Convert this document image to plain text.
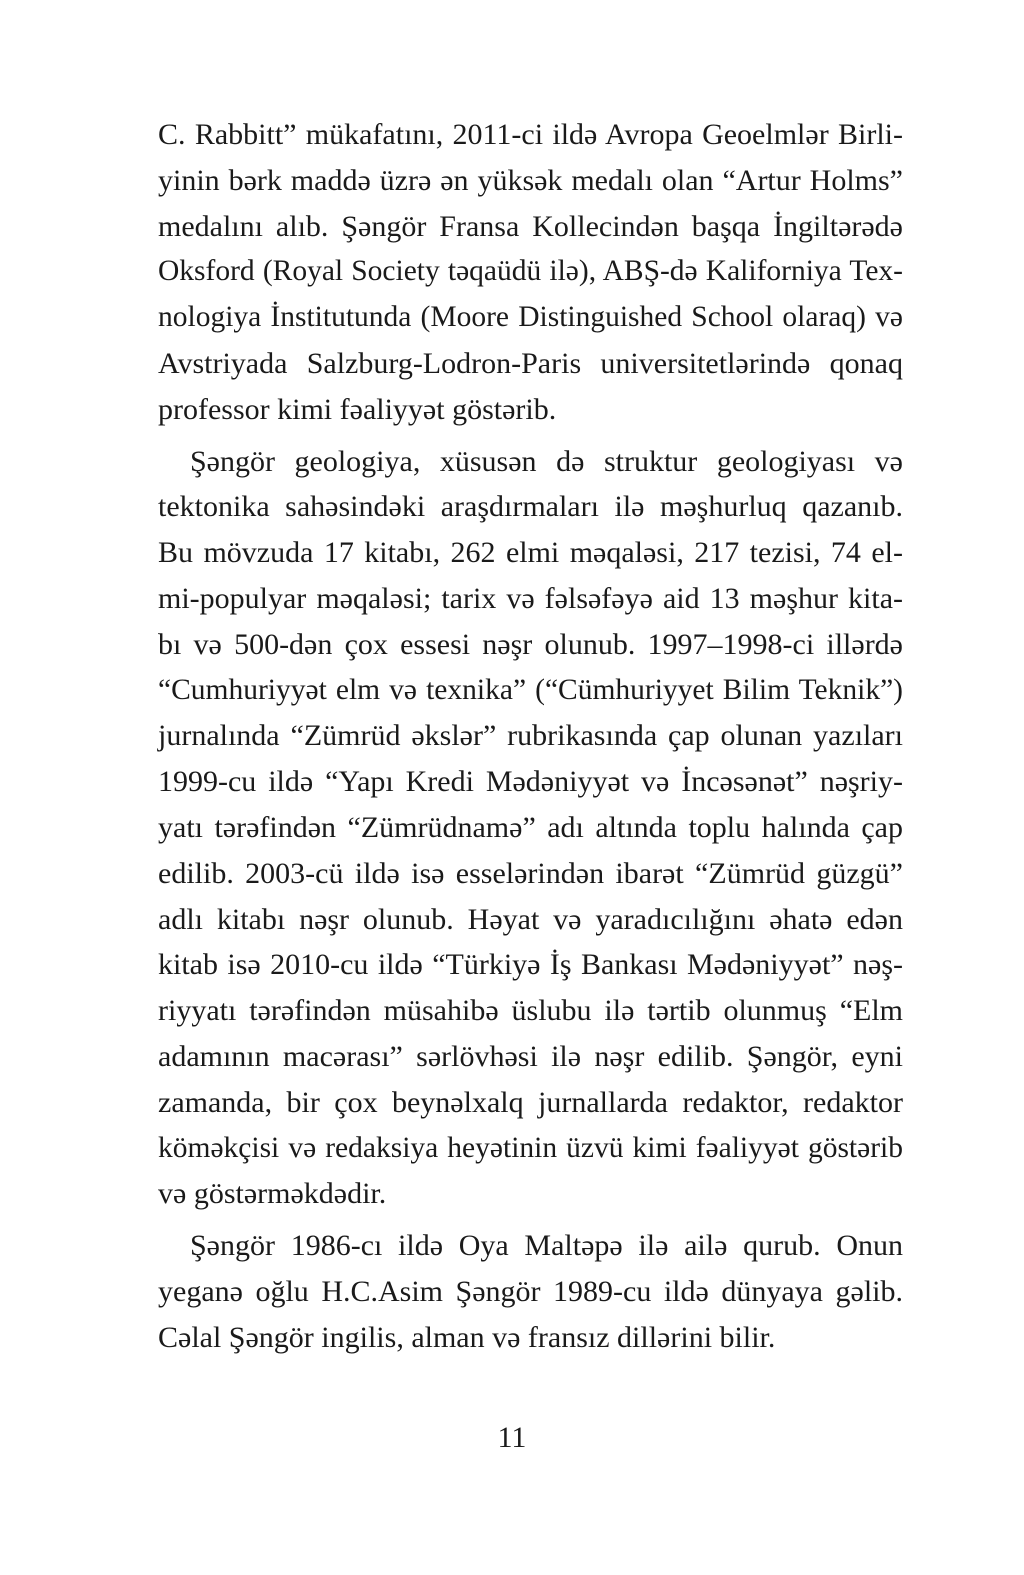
C. Rabbitt” mükafatını, 2011-ci ildə Avropa Geoelmlər Birli-
yinin bərk maddə üzrə ən yüksək medalı olan “Artur Holms”
medalını alıb. Şəngör Fransa Kollecindən başqa İngiltərədə
Oksford (Royal Society təqaüdü ilə), ABŞ-də Kaliforniya Tex-
nologiya İnstitutunda (Moore Distinguished School olaraq) və
Avstriyada Salzburg-Lodron-Paris universitetlərində qonaq
professor kimi fəaliyyət göstərib.
Şəngör geologiya, xüsusən də struktur geologiyası və
tektonika sahəsindəki araşdırmaları ilə məşhurluq qazanıb.
Bu mövzuda 17 kitabı, 262 elmi məqaləsi, 217 tezisi, 74 el-
mi-populyar məqaləsi; tarix və fəlsəfəyə aid 13 məşhur kita-
bı və 500-dən çox essesi nəşr olunub. 1997–1998-ci illərdə
“Cumhuriyyət elm və texnika” (“Cümhuriyyet Bilim Teknik”)
jurnalında “Zümrüd əkslər” rubrikasında çap olunan yazıları
1999-cu ildə “Yapı Kredi Mədəniyyət və İncəsənət” nəşriy-
yatı tərəfindən “Zümrüdnamə” adı altında toplu halında çap
edilib. 2003-cü ildə isə esselərindən ibarət “Zümrüd güzgü”
adlı kitabı nəşr olunub. Həyat və yaradıcılığını əhatə edən
kitab isə 2010-cu ildə “Türkiyə İş Bankası Mədəniyyət” nəş-
riyyatı tərəfindən müsahibə üslubu ilə tərtib olunmuş “Elm
adamının macərası” sərlövhəsi ilə nəşr edilib. Şəngör, eyni
zamanda, bir çox beynəlxalq jurnallarda redaktor, redaktor
köməkçisi və redaksiya heyətinin üzvü kimi fəaliyyət göstərib
və göstərməkdədir.
Şəngör 1986-cı ildə Oya Maltəpə ilə ailə qurub. Onun
yeganə oğlu H.C.Asim Şəngör 1989-cu ildə dünyaya gəlib.
Cəlal Şəngör ingilis, alman və fransız dillərini bilir.
11
